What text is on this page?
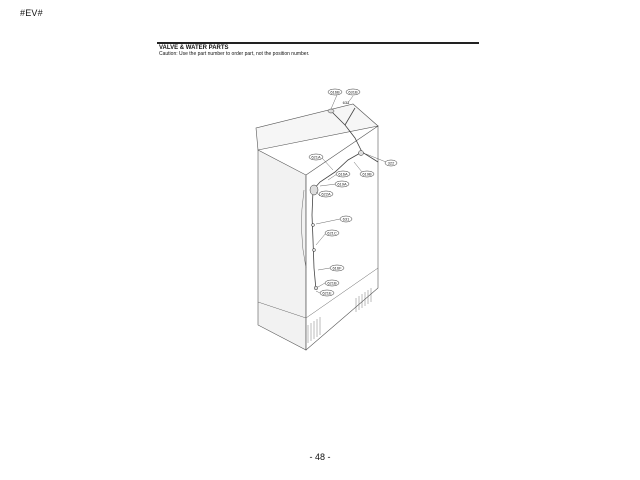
#EV#
VALVE & WATER PARTS
Caution: Use the part number to order part, not the position number.
616B 631B
631
322
621A
619B
616A
619A
622A
631
621C
616F
621B
621E
- 48 -
